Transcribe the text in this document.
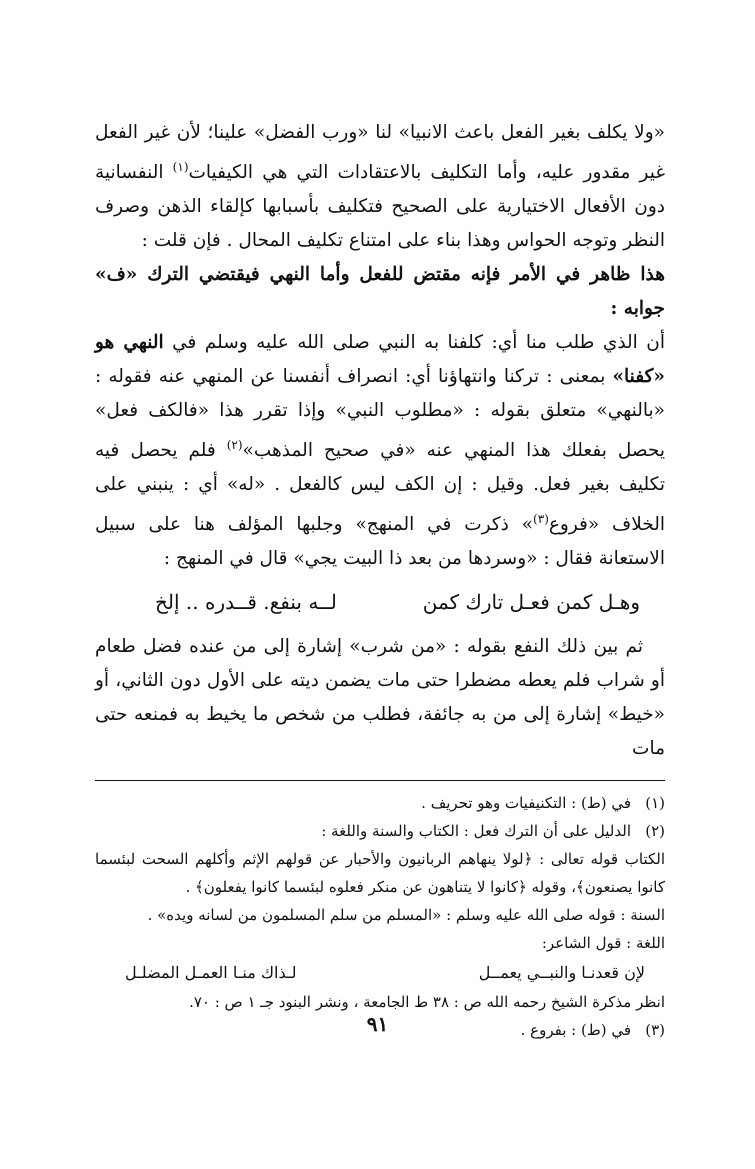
«ولا يكلف بغير الفعل باعث الانبيا» لنا «ورب الفضل» علينا؛ لأن غير الفعل غير مقدور عليه، وأما التكليف بالاعتقادات التي هي الكيفيات$^{(١)}$ النفسانية دون الأفعال الاختيارية على الصحيح فتكليف بأسبابها كإلقاء الذهن وصرف النظر وتوجه الحواس وهذا بناء على امتناع تكليف المحال . فإن قلت :

هذا ظاهر في الأمر فإنه مقتض للفعل وأما النهي فيقتضي الترك «ف» جوابه :

أن الذي طلب منا أي: كلفنا به النبي صلى الله عليه وسلم في النهي هو «كفنا» بمعنى : تركنا وانتهاؤنا أي: انصراف أنفسنا عن المنهي عنه فقوله : «بالنهي» متعلق بقوله : «مطلوب النبي» وإذا تقرر هذا «فالكف فعل» يحصل بفعلك هذا المنهي عنه «في صحيح المذهب»$^{(٢)}$ فلم يحصل فيه تكليف بغير فعل. وقيل : إن الكف ليس كالفعل . «له» أي : ينبني على الخلاف «فروع$^{(٣)}$» ذكرت في المنهج» وجلبها المؤلف هنا على سبيل الاستعانة فقال : «وسردها من بعد ذا البيت يجي» قال في المنهج :

وهـل كمن فعـل تارك كمن
لــه بنفع. قــدره .. إلخ

ثم بين ذلك النفع بقوله : «من شرب» إشارة إلى من عنده فضل طعام أو شراب فلم يعطه مضطرا حتى مات يضمن ديته على الأول دون الثاني، أو «خيط» إشارة إلى من به جائفة، فطلب من شخص ما يخيط به فمنعه حتى مات

(١)في (ط) : التكنيفيات وهو تحريف .

(٢)الدليل على أن الترك فعل : الكتاب والسنة واللغة :

الكتاب قوله تعالى : ﴿لولا ينهاهم الربانيون والأحبار عن قولهم الإثم وأكلهم السحت لبئسما كانوا يصنعون﴾، وقوله ﴿كانوا لا يتناهون عن منكر فعلوه لبئسما كانوا يفعلون﴾ .

السنة : قوله صلى الله عليه وسلم : «المسلم من سلم المسلمون من لسانه ويده» .

اللغة : قول الشاعر:

لإن قعدنـا والنبــي يعمــل
لـذاك منـا العمـل المضلـل

انظر مذكرة الشيخ رحمه الله ص : ٣٨ ط الجامعة ، ونشر البنود جـ ١ ص : ٧٠.

(٣)في (ط) : بفروع .

٩١
